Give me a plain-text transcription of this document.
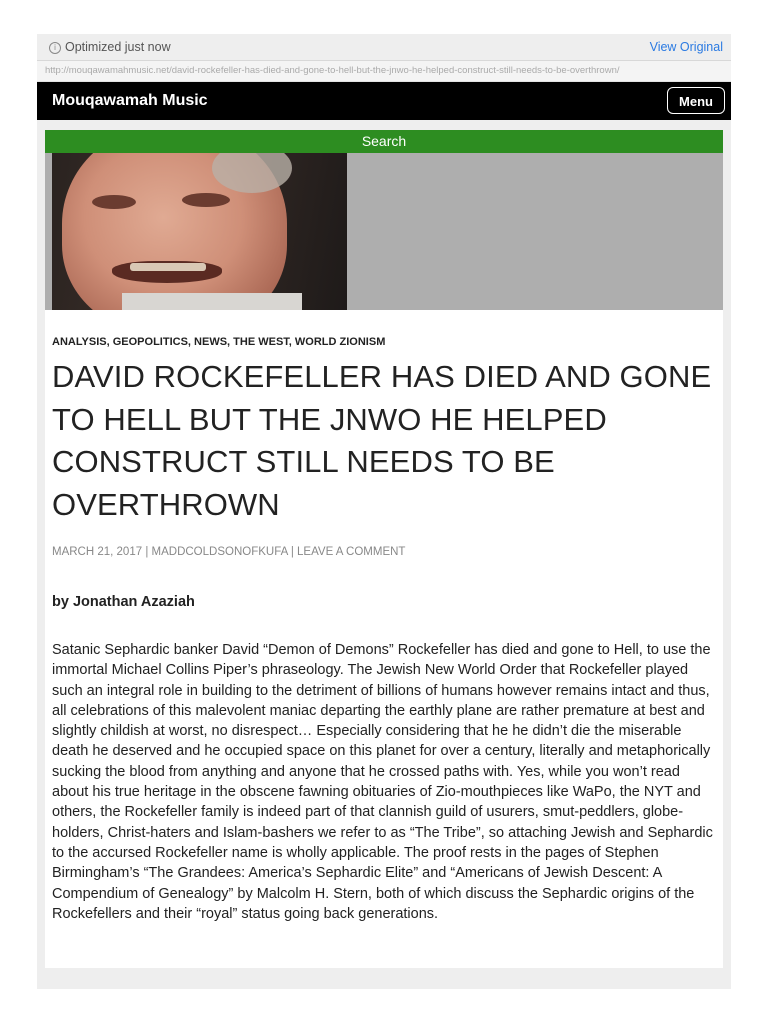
i Optimized just now	View Original
http://mouqawamahmusic.net/david-rockefeller-has-died-and-gone-to-hell-but-the-jnwo-he-helped-construct-still-needs-to-be-overthrown/
Mouqawamah Music	Menu
Search
ANALYSIS, GEOPOLITICS, NEWS, THE WEST, WORLD ZIONISM
DAVID ROCKEFELLER HAS DIED AND GONE TO HELL BUT THE JNWO HE HELPED CONSTRUCT STILL NEEDS TO BE OVERTHROWN
MARCH 21, 2017 | MADDCOLDSONOFKUFA | LEAVE A COMMENT
by Jonathan Azaziah

Satanic Sephardic banker David “Demon of Demons” Rockefeller has died and gone to Hell, to use the immortal Michael Collins Piper’s phraseology. The Jewish New World Order that Rockefeller played such an integral role in building to the detriment of billions of humans however remains intact and thus, all celebrations of this malevolent maniac departing the earthly plane are rather premature at best and slightly childish at worst, no disrespect… Especially considering that he he didn’t die the miserable death he deserved and he occupied space on this planet for over a century, literally and metaphorically sucking the blood from anything and anyone that he crossed paths with. Yes, while you won’t read about his true heritage in the obscene fawning obituaries of Zio-mouthpieces like WaPo, the NYT and others, the Rockefeller family is indeed part of that clannish guild of usurers, smut-peddlers, globe-holders, Christ-haters and Islam-bashers we refer to as “The Tribe”, so attaching Jewish and Sephardic to the accursed Rockefeller name is wholly applicable. The proof rests in the pages of Stephen Birmingham’s “The Grandees: America’s Sephardic Elite” and “Americans of Jewish Descent: A Compendium of Genealogy” by Malcolm H. Stern, both of which discuss the Sephardic origins of the Rockefellers and their “royal” status going back generations.
